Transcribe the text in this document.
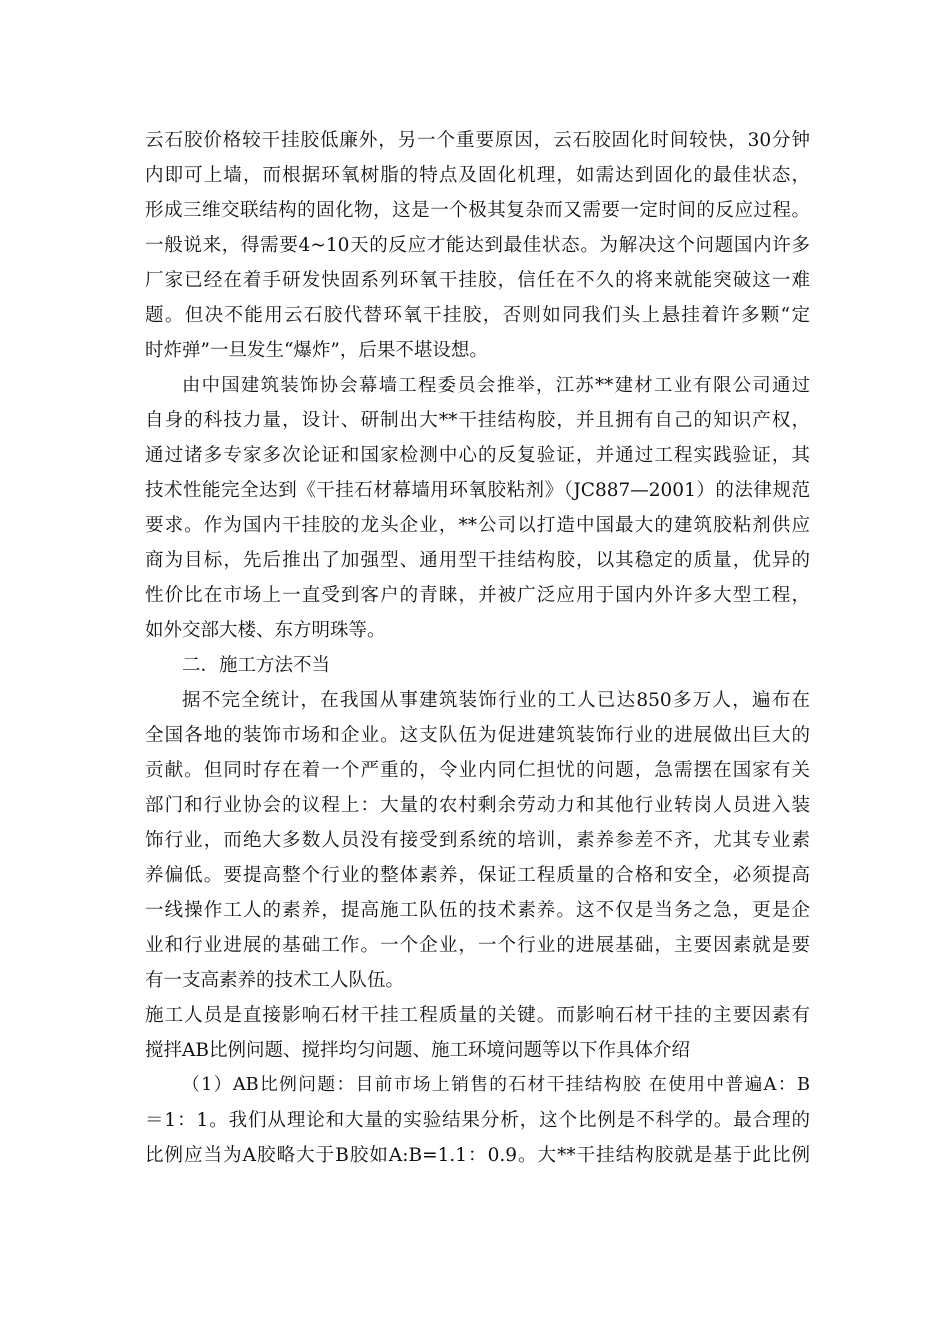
云石胶价格较干挂胶低廉外，另一个重要原因，云石胶固化时间较快，30分钟
内即可上墙，而根据环氧树脂的特点及固化机理，如需达到固化的最佳状态，
形成三维交联结构的固化物，这是一个极其复杂而又需要一定时间的反应过程。
一般说来，得需要4~10天的反应才能达到最佳状态。为解决这个问题国内许多
厂家已经在着手研发快固系列环氧干挂胶，信任在不久的将来就能突破这一难
题。但决不能用云石胶代替环氧干挂胶，否则如同我们头上悬挂着许多颗“定
时炸弹”一旦发生“爆炸”，后果不堪设想。
由中国建筑装饰协会幕墙工程委员会推举，江苏**建材工业有限公司通过
自身的科技力量，设计、研制出大**干挂结构胶，并且拥有自己的知识产权，
通过诸多专家多次论证和国家检测中心的反复验证，并通过工程实践验证，其
技术性能完全达到《干挂石材幕墙用环氧胶粘剂》（JC887—2001）的法律规范
要求。作为国内干挂胶的龙头企业，**公司以打造中国最大的建筑胶粘剂供应
商为目标，先后推出了加强型、通用型干挂结构胶，以其稳定的质量，优异的
性价比在市场上一直受到客户的青睐，并被广泛应用于国内外许多大型工程，
如外交部大楼、东方明珠等。
二．施工方法不当
据不完全统计，在我国从事建筑装饰行业的工人已达850多万人，遍布在
全国各地的装饰市场和企业。这支队伍为促进建筑装饰行业的进展做出巨大的
贡献。但同时存在着一个严重的，令业内同仁担忧的问题，急需摆在国家有关
部门和行业协会的议程上：大量的农村剩余劳动力和其他行业转岗人员进入装
饰行业，而绝大多数人员没有接受到系统的培训，素养参差不齐，尤其专业素
养偏低。要提高整个行业的整体素养，保证工程质量的合格和安全，必须提高
一线操作工人的素养，提高施工队伍的技术素养。这不仅是当务之急，更是企
业和行业进展的基础工作。一个企业，一个行业的进展基础，主要因素就是要
有一支高素养的技术工人队伍。
施工人员是直接影响石材干挂工程质量的关键。而影响石材干挂的主要因素有
搅拌AB比例问题、搅拌均匀问题、施工环境问题等以下作具体介绍
（1）AB比例问题：目前市场上销售的石材干挂结构胶 在使用中普遍A：B
＝1：1。我们从理论和大量的实验结果分析，这个比例是不科学的。最合理的
比例应当为A胶略大于B胶如A:B=1.1：0.9。大**干挂结构胶就是基于此比例
